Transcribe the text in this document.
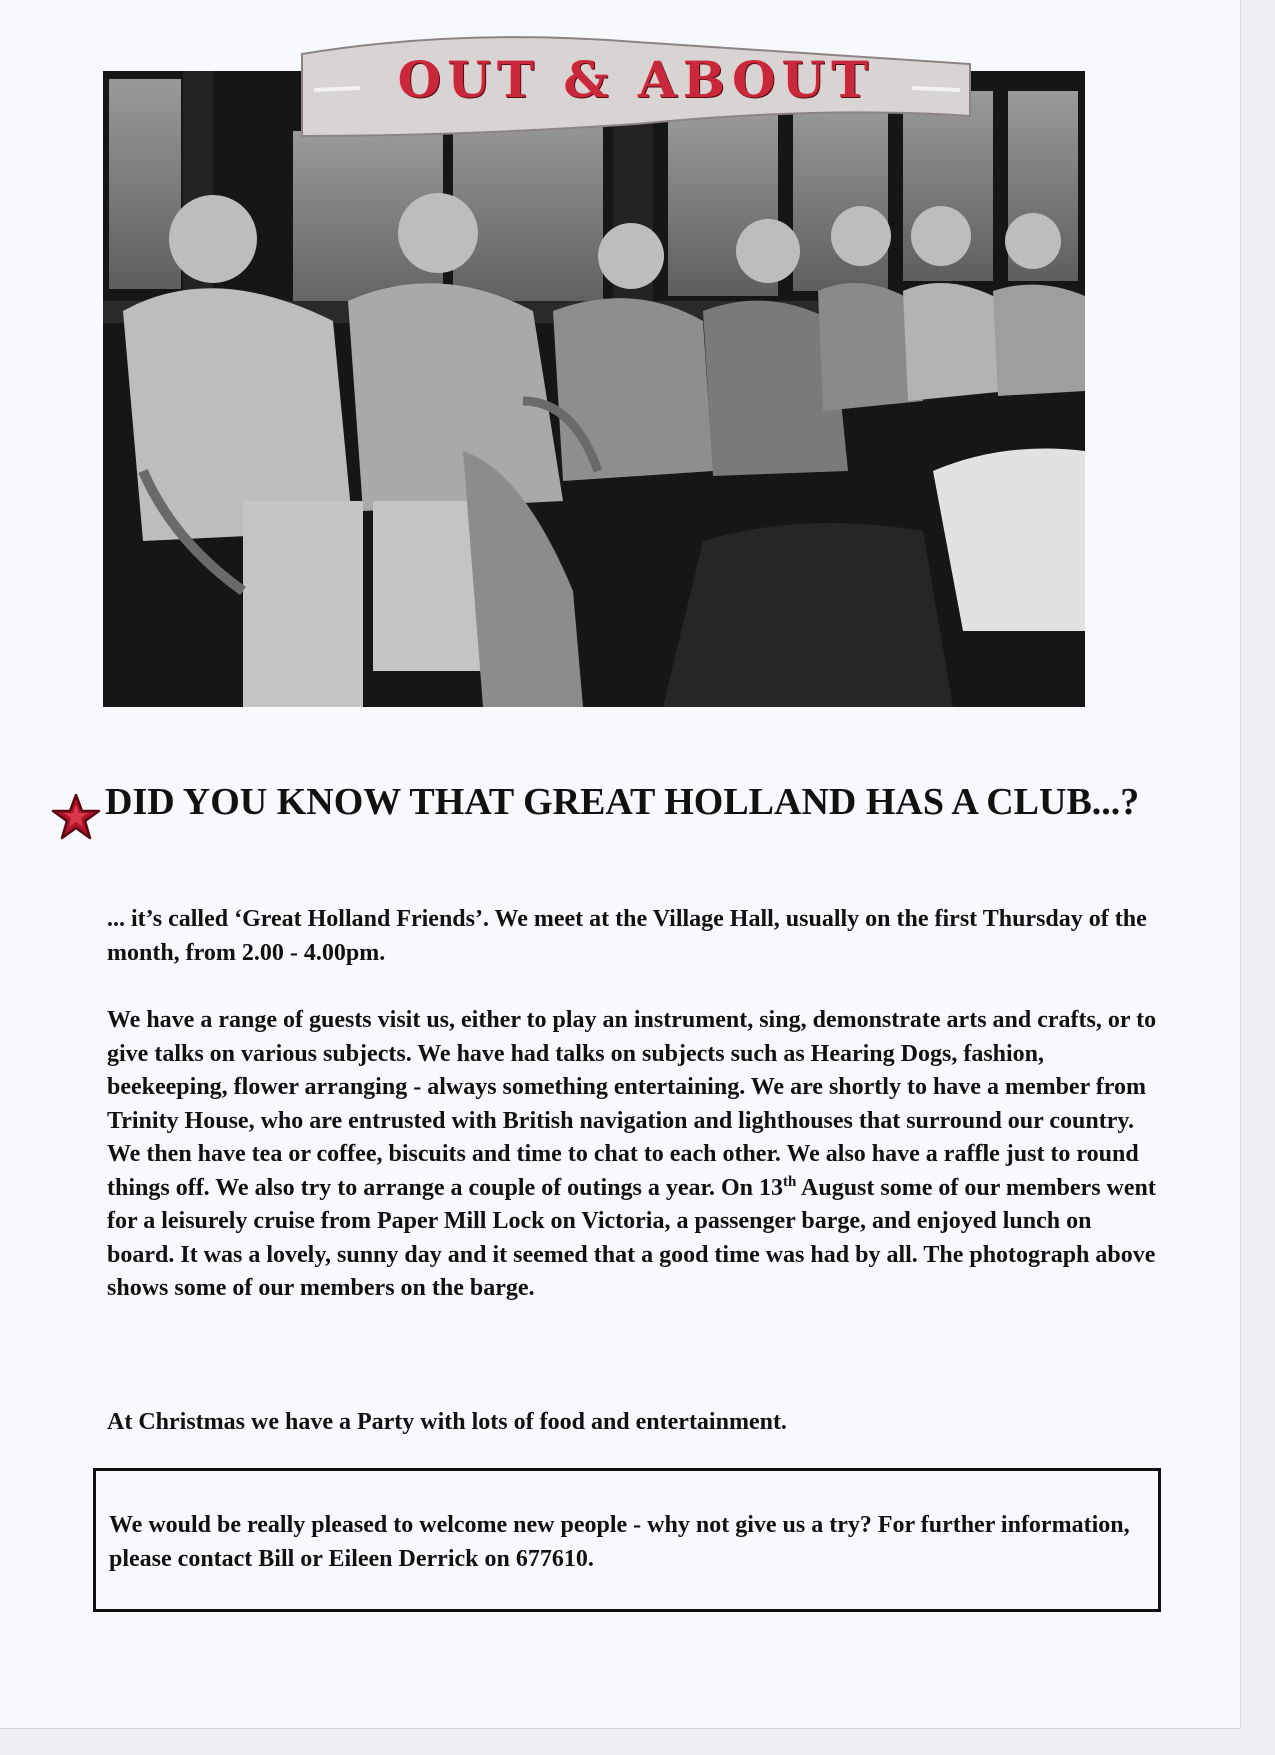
OUT & ABOUT
DID YOU KNOW THAT GREAT HOLLAND HAS A CLUB...?

... it’s called ‘Great Holland Friends’. We meet at the Village Hall, usually on the first Thursday of the month, from 2.00 - 4.00pm.

We have a range of guests visit us, either to play an instrument, sing, demonstrate arts and crafts, or to give talks on various subjects. We have had talks on subjects such as Hearing Dogs, fashion, beekeeping, flower arranging - always something entertaining. We are shortly to have a member from Trinity House, who are entrusted with British navigation and lighthouses that surround our country. We then have tea or coffee, biscuits and time to chat to each other. We also have a raffle just to round things off. We also try to arrange a couple of outings a year. On 13th August some of our members went for a leisurely cruise from Paper Mill Lock on Victoria, a passenger barge, and enjoyed lunch on board. It was a lovely, sunny day and it seemed that a good time was had by all. The photograph above shows some of our members on the barge.

At Christmas we have a Party with lots of food and entertainment.

We would be really pleased to welcome new people - why not give us a try? For further information, please contact Bill or Eileen Derrick on 677610.
